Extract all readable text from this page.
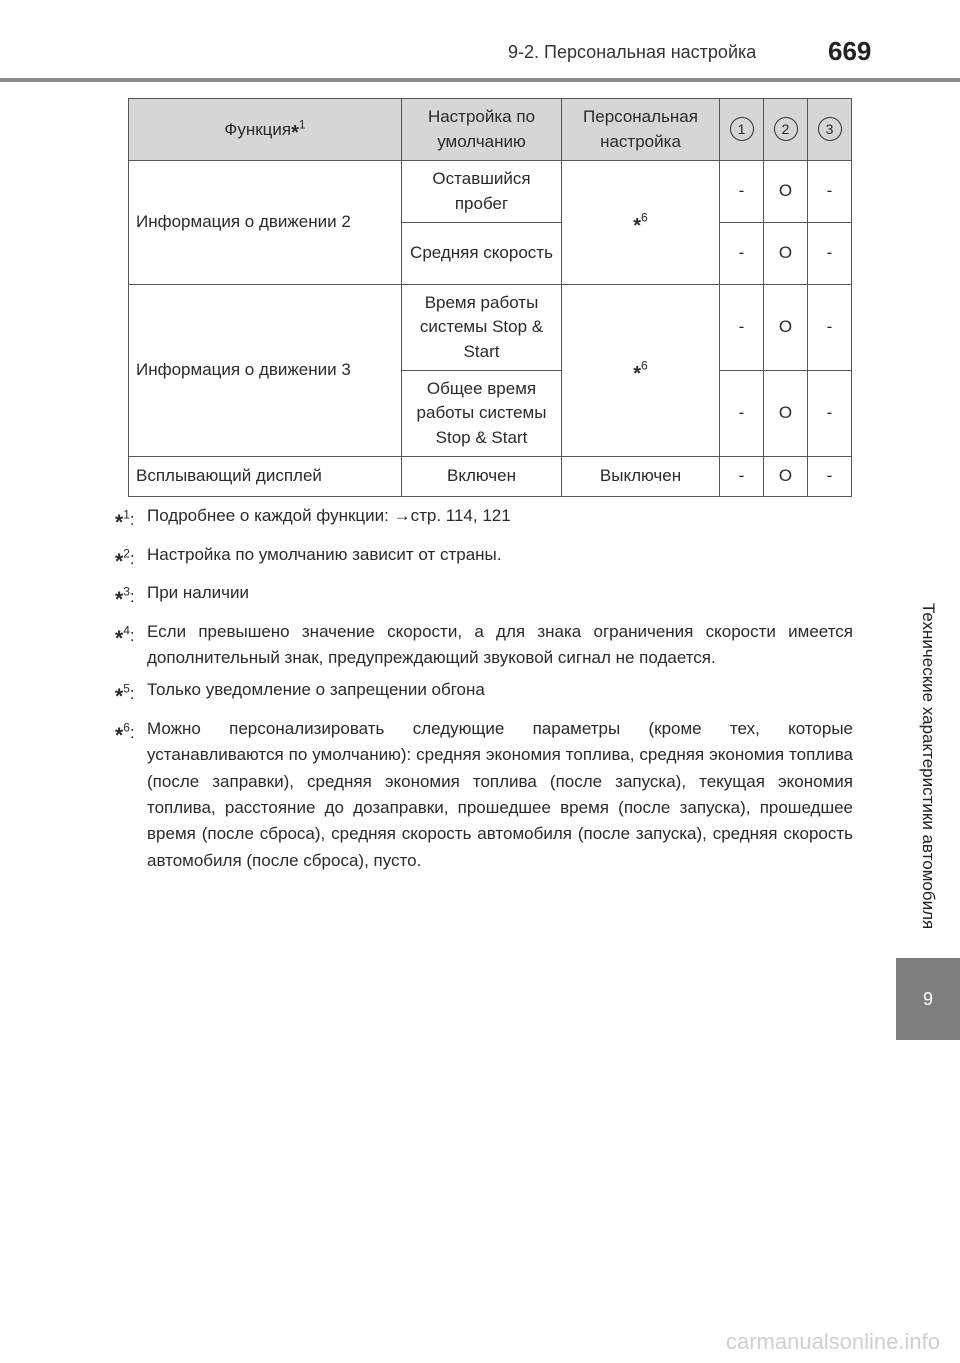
9-2. Персональная настройка	669
Технические характеристики автомобиля
9
Функция*$^1$	Настройка по умолчанию	Персональная настройка	1	2	3
Информация о движении 2	Оставшийся пробег	*$^6$	-	O	-
	Средняя скорость		-	O	-
Информация о движении 3	Время работы системы Stop & Start	*$^6$	-	O	-
	Общее время работы системы Stop & Start		-	O	-
Всплывающий дисплей	Включен	Выключен	-	O	-
*$^1$: Подробнее о каждой функции: →стр. 114, 121
*$^2$: Настройка по умолчанию зависит от страны.
*$^3$: При наличии
*$^4$: Если превышено значение скорости, а для знака ограничения скорости имеется дополнительный знак, предупреждающий звуковой сигнал не подается.
*$^5$: Только уведомление о запрещении обгона
*$^6$: Можно персонализировать следующие параметры (кроме тех, которые устанавливаются по умолчанию): средняя экономия топлива, средняя экономия топлива (после заправки), средняя экономия топлива (после запуска), текущая экономия топлива, расстояние до дозаправки, прошедшее время (после запуска), прошедшее время (после сброса), средняя скорость автомобиля (после запуска), средняя скорость автомобиля (после сброса), пусто.
carmanualsonline.info
